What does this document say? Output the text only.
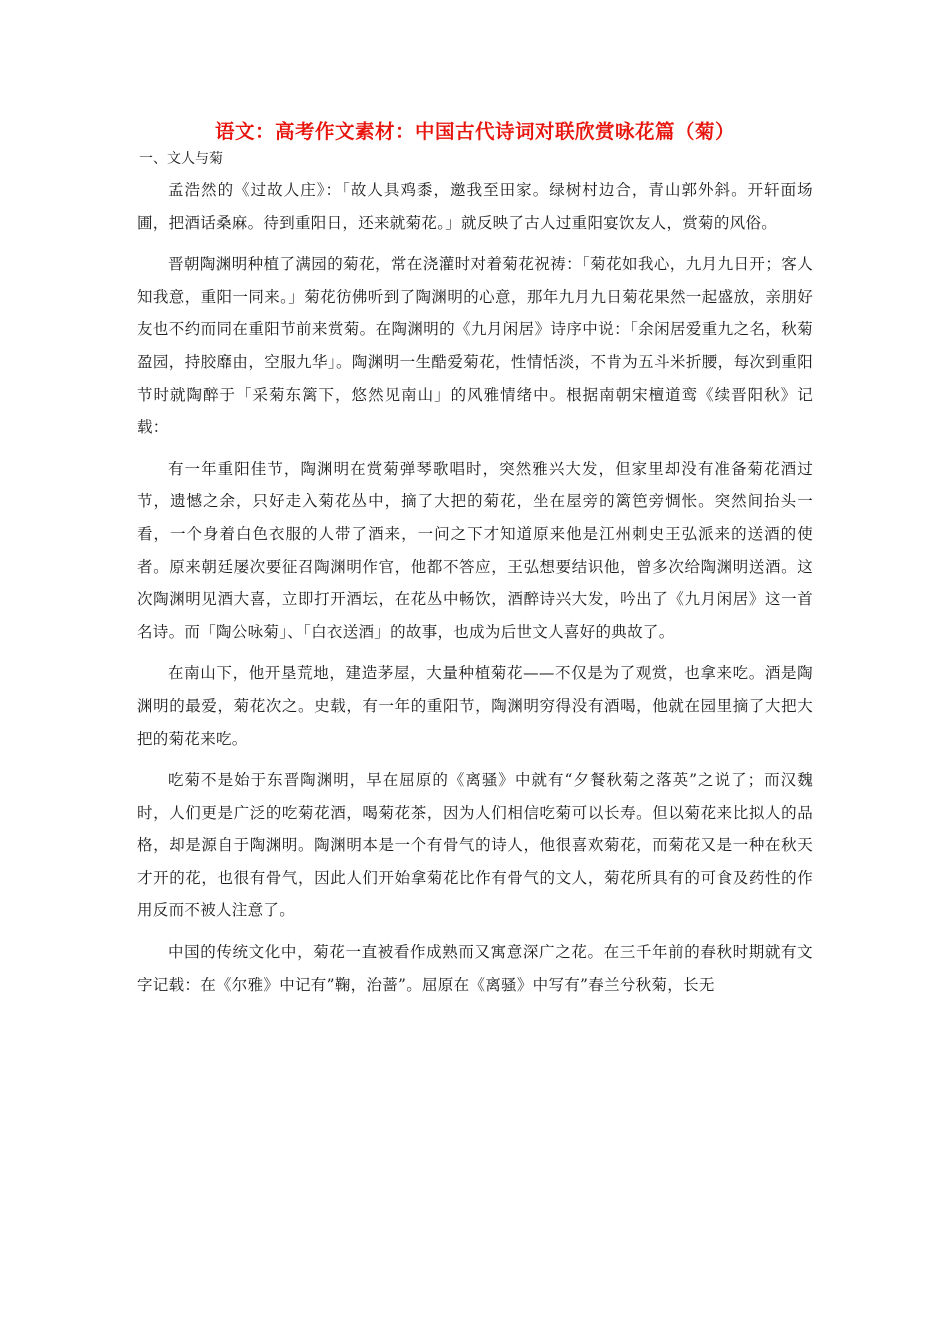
语文：高考作文素材：中国古代诗词对联欣赏咏花篇（菊）
一、文人与菊

孟浩然的《过故人庄》：「故人具鸡黍，邀我至田家。绿树村边合，青山郭外斜。开轩面场圃，把酒话桑麻。待到重阳日，还来就菊花。」就反映了古人过重阳宴饮友人，赏菊的风俗。

晋朝陶渊明种植了满园的菊花，常在浇灌时对着菊花祝祷：「菊花如我心，九月九日开；客人知我意，重阳一同来。」菊花彷佛听到了陶渊明的心意，那年九月九日菊花果然一起盛放，亲朋好友也不约而同在重阳节前来赏菊。在陶渊明的《九月闲居》诗序中说：「余闲居爱重九之名，秋菊盈园，持胶靡由，空服九华」。陶渊明一生酷爱菊花，性情恬淡，不肯为五斗米折腰，每次到重阳节时就陶醉于「采菊东篱下，悠然见南山」的风雅情绪中。根据南朝宋檀道鸾《续晋阳秋》记载：

有一年重阳佳节，陶渊明在赏菊弹琴歌唱时，突然雅兴大发，但家里却没有准备菊花酒过节，遗憾之余，只好走入菊花丛中，摘了大把的菊花，坐在屋旁的篱笆旁惆怅。突然间抬头一看，一个身着白色衣服的人带了酒来，一问之下才知道原来他是江州刺史王弘派来的送酒的使者。原来朝廷屡次要征召陶渊明作官，他都不答应，王弘想要结识他，曾多次给陶渊明送酒。这次陶渊明见酒大喜，立即打开酒坛，在花丛中畅饮，酒醉诗兴大发，吟出了《九月闲居》这一首名诗。而「陶公咏菊」、「白衣送酒」的故事，也成为后世文人喜好的典故了。

在南山下，他开垦荒地，建造茅屋，大量种植菊花——不仅是为了观赏，也拿来吃。酒是陶渊明的最爱，菊花次之。史载，有一年的重阳节，陶渊明穷得没有酒喝，他就在园里摘了大把大把的菊花来吃。

吃菊不是始于东晋陶渊明，早在屈原的《离骚》中就有“夕餐秋菊之落英”之说了；而汉魏时，人们更是广泛的吃菊花酒，喝菊花茶，因为人们相信吃菊可以长寿。但以菊花来比拟人的品格，却是源自于陶渊明。陶渊明本是一个有骨气的诗人，他很喜欢菊花，而菊花又是一种在秋天才开的花，也很有骨气，因此人们开始拿菊花比作有骨气的文人，菊花所具有的可食及药性的作用反而不被人注意了。

中国的传统文化中，菊花一直被看作成熟而又寓意深广之花。在三千年前的春秋时期就有文字记载：在《尔雅》中记有”鞠，治蔷”。屈原在《离骚》中写有”春兰兮秋菊，长无
